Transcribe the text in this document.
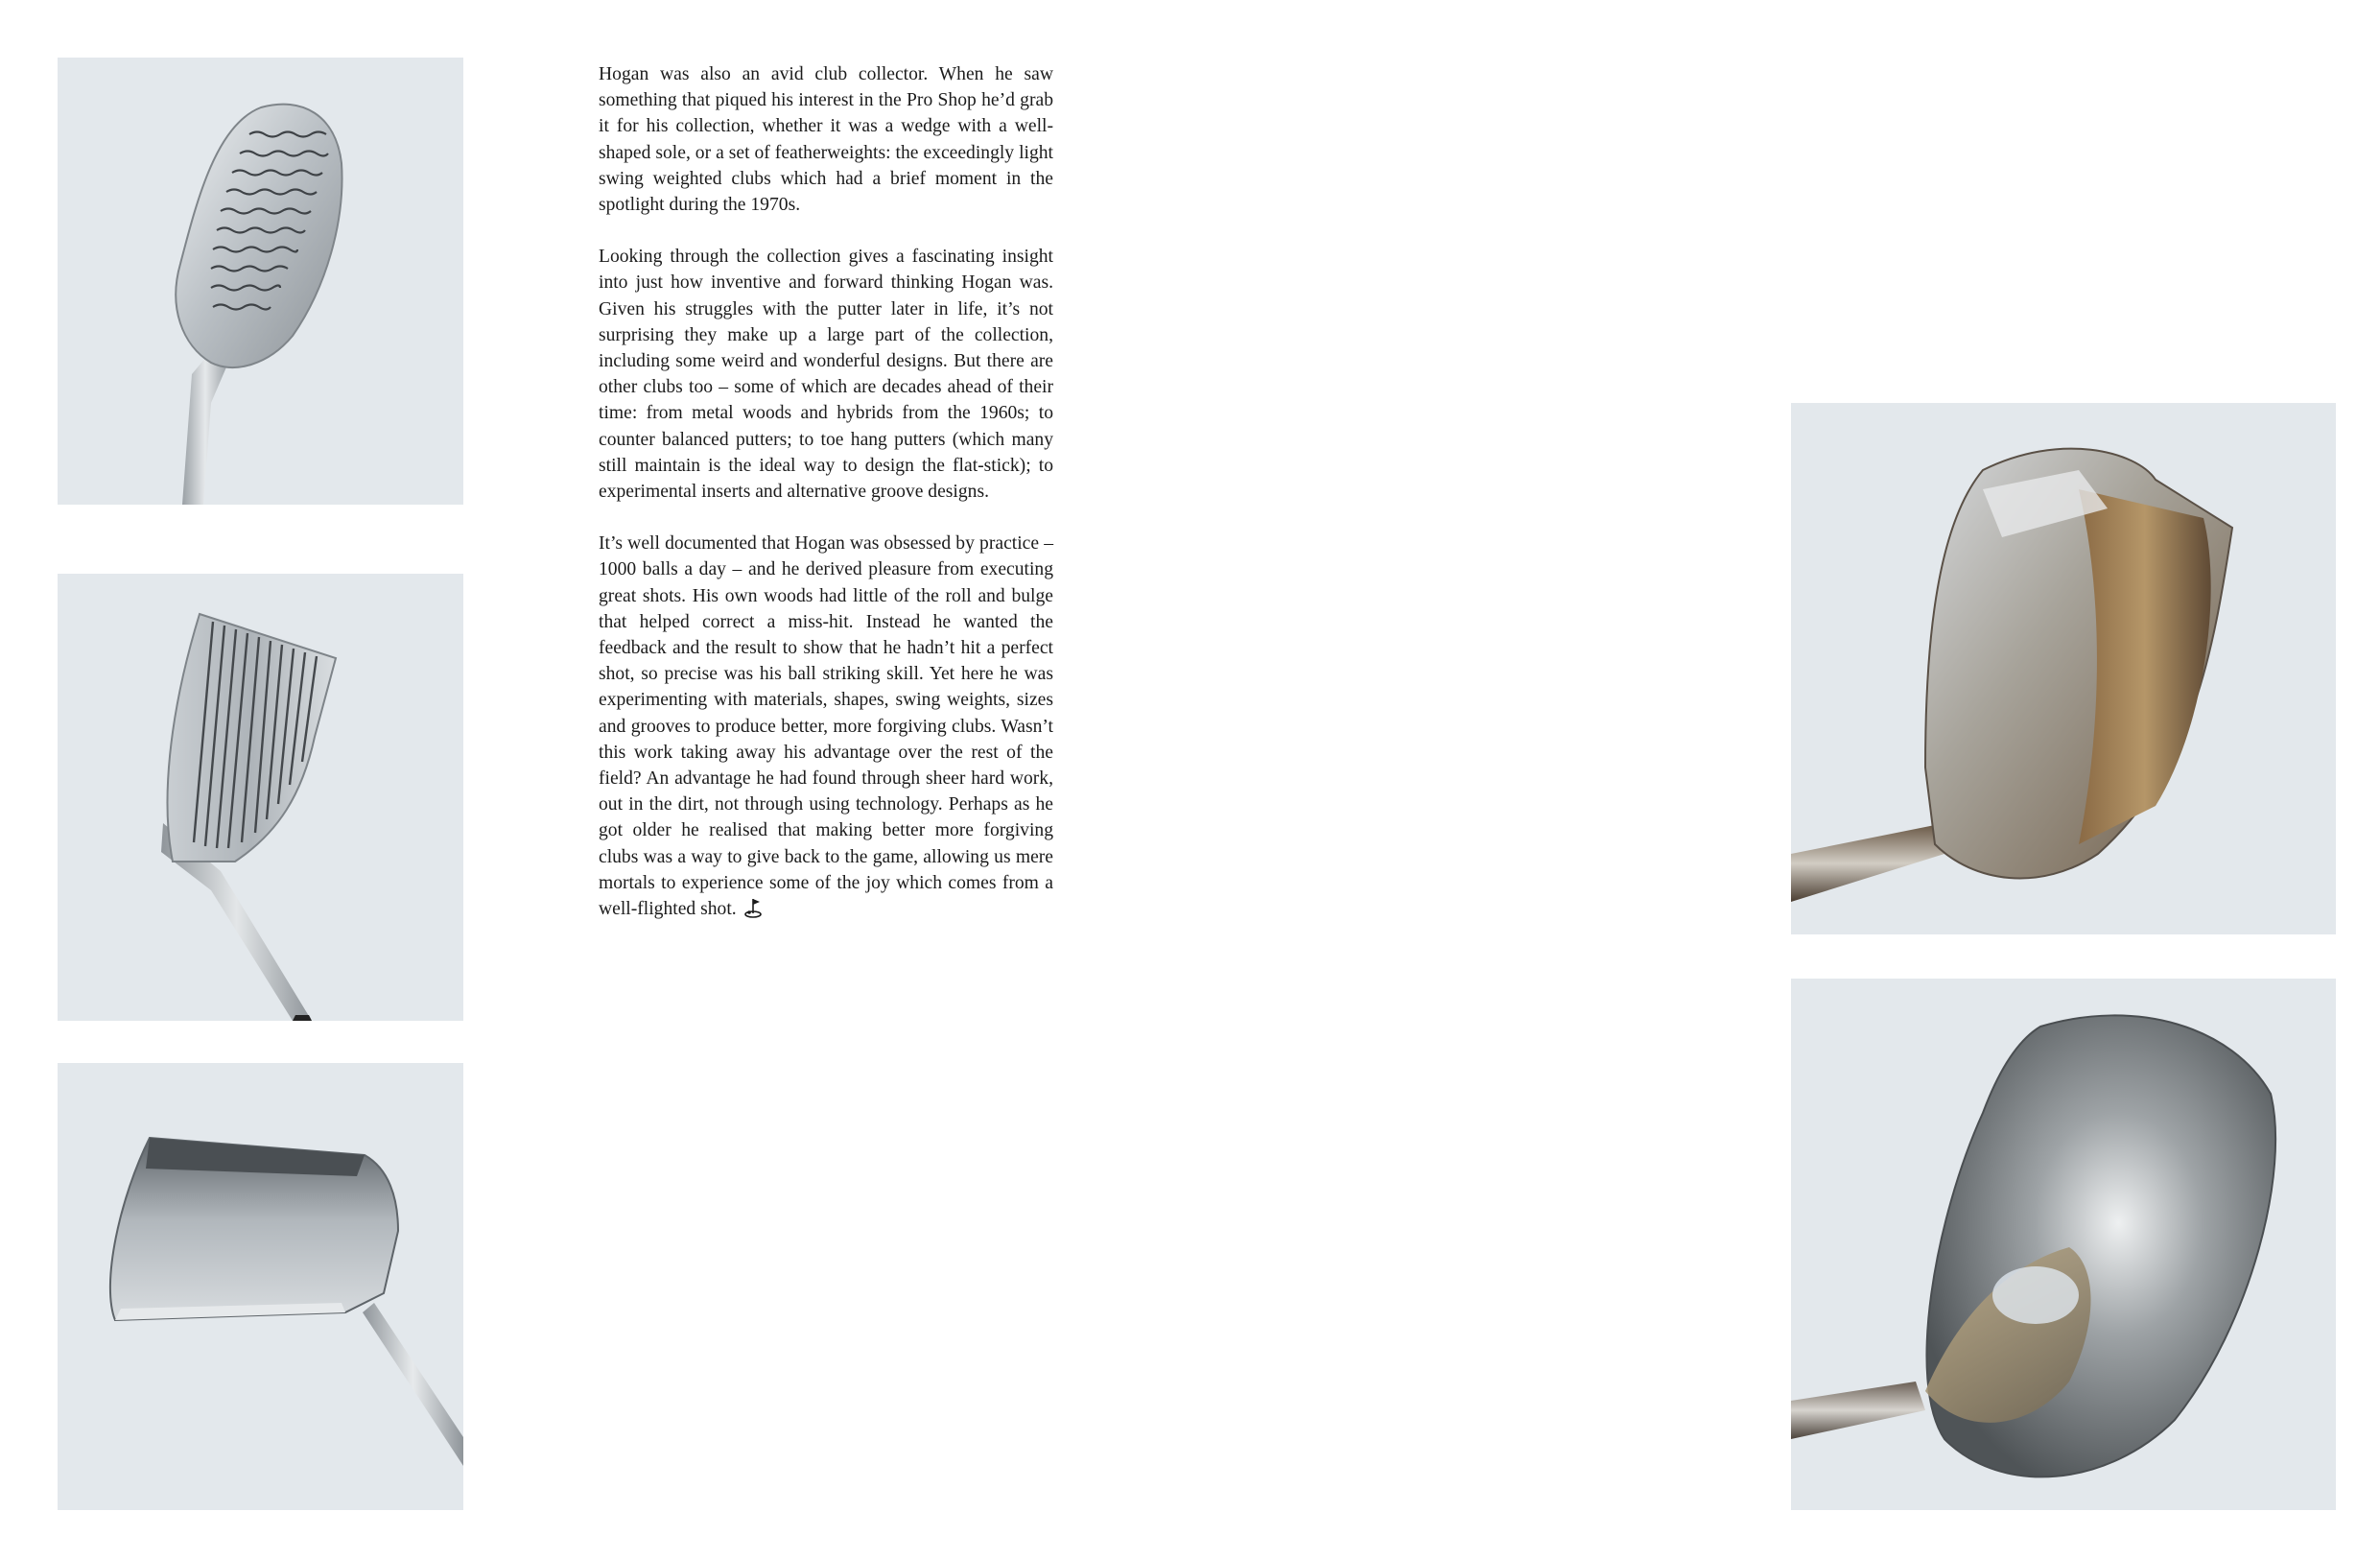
Hogan was also an avid club collector. When he saw something that piqued his interest in the Pro Shop he’d grab it for his collection, whether it was a wedge with a well-shaped sole, or a set of featherweights: the exceedingly light swing weighted clubs which had a brief moment in the spotlight during the 1970s.

Looking through the collection gives a fascinating insight into just how inventive and forward thinking Hogan was. Given his struggles with the putter later in life, it’s not surprising they make up a large part of the collection, including some weird and wonderful designs. But there are other clubs too – some of which are decades ahead of their time: from metal woods and hybrids from the 1960s; to counter balanced putters; to toe hang putters (which many still maintain is the ideal way to design the flat-stick); to experimental inserts and alternative groove designs.

It’s well documented that Hogan was obsessed by practice – 1000 balls a day – and he derived pleasure from executing great shots. His own woods had little of the roll and bulge that helped correct a miss-hit. Instead he wanted the feedback and the result to show that he hadn’t hit a perfect shot, so precise was his ball striking skill. Yet here he was experimenting with materials, shapes, swing weights, sizes and grooves to produce better, more forgiving clubs. Wasn’t this work taking away his advantage over the rest of the field? An advantage he had found through sheer hard work, out in the dirt, not through using technology. Perhaps as he got older he realised that making better more forgiving clubs was a way to give back to the game, allowing us mere mortals to experience some of the joy which comes from a well-flighted shot.
